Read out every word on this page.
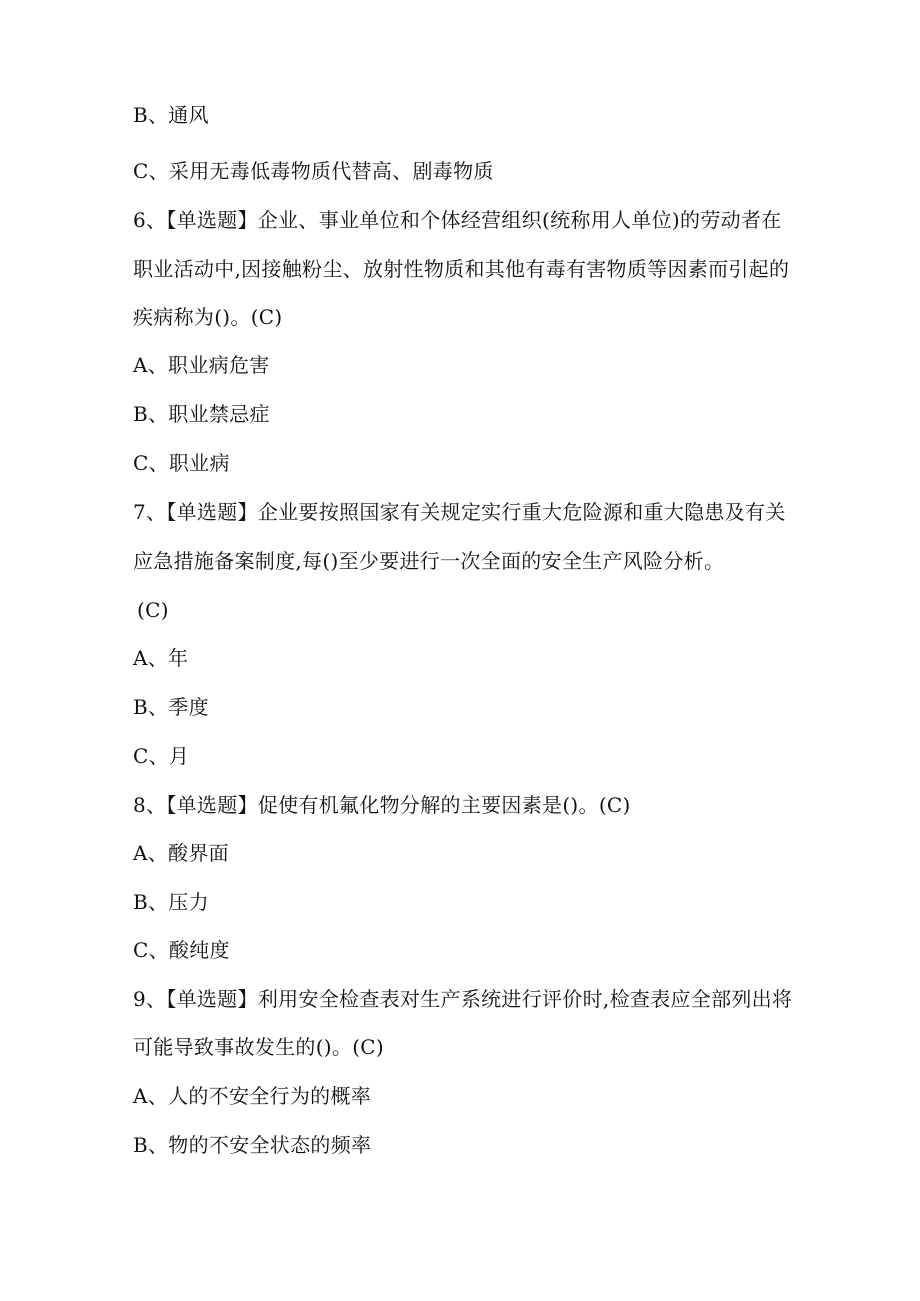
B、通风
C、采用无毒低毒物质代替高、剧毒物质
6、【单选题】企业、事业单位和个体经营组织(统称用人单位)的劳动者在
职业活动中,因接触粉尘、放射性物质和其他有毒有害物质等因素而引起的
疾病称为()。(C)
A、职业病危害
B、职业禁忌症
C、职业病
7、【单选题】企业要按照国家有关规定实行重大危险源和重大隐患及有关
应急措施备案制度,每()至少要进行一次全面的安全生产风险分析。
(C)
A、年
B、季度
C、月
8、【单选题】促使有机氟化物分解的主要因素是()。(C)
A、酸界面
B、压力
C、酸纯度
9、【单选题】利用安全检查表对生产系统进行评价时,检查表应全部列出将
可能导致事故发生的()。(C)
A、人的不安全行为的概率
B、物的不安全状态的频率
